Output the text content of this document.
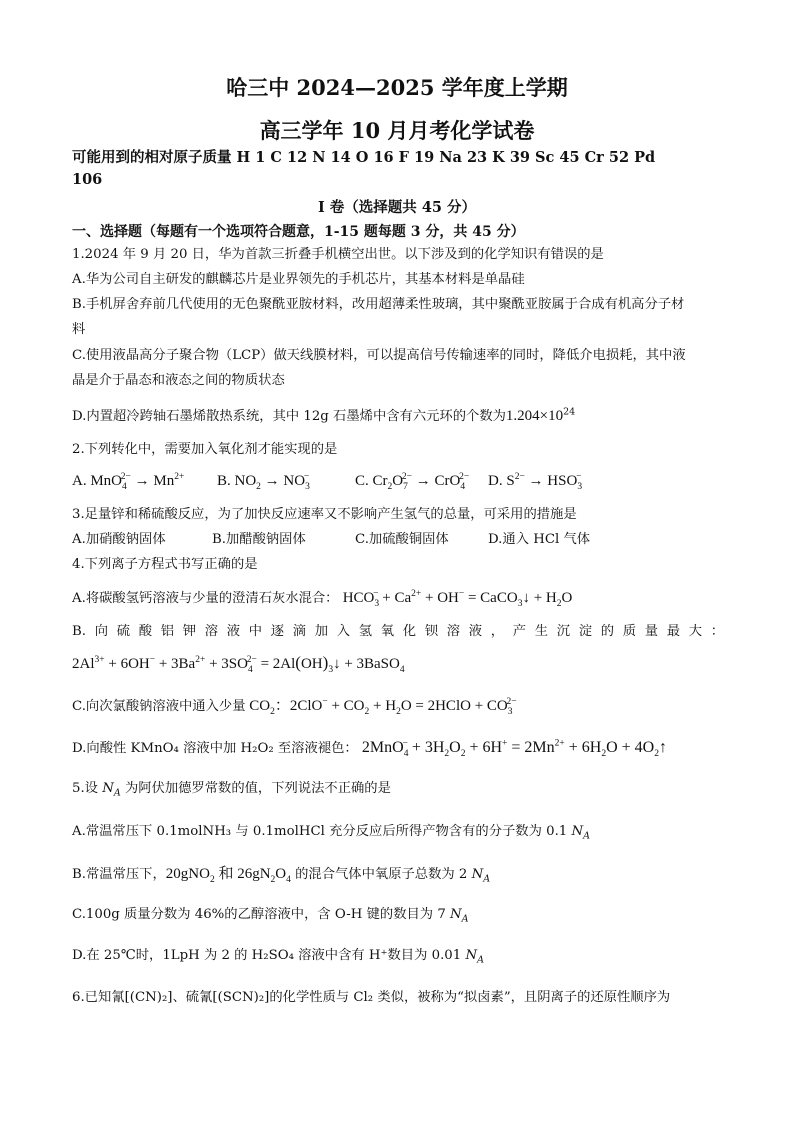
哈三中 2024—2025 学年度上学期
高三学年 10 月月考化学试卷
可能用到的相对原子质量 H 1 C 12 N 14 O 16 F 19 Na 23 K 39 Sc 45 Cr 52 Pd
106
I 卷（选择题共 45 分）
一、选择题（每题有一个选项符合题意，1-15 题每题 3 分，共 45 分）
1.2024 年 9 月 20 日，华为首款三折叠手机横空出世。以下涉及到的化学知识有错误的是
A.华为公司自主研发的麒麟芯片是业界领先的手机芯片，其基本材料是单晶硅
B.手机屏舍弃前几代使用的无色聚酰亚胺材料，改用超薄柔性玻璃，其中聚酰亚胺属于合成有机高分子材
料
C.使用液晶高分子聚合物（LCP）做天线膜材料，可以提高信号传输速率的同时，降低介电损耗，其中液
晶是介于晶态和液态之间的物质状态
D.内置超冷跨轴石墨烯散热系统，其中 12g 石墨烯中含有六元环的个数为$1.204\times 10^{24}$
2.下列转化中，需要加入氧化剂才能实现的是
A. $MnO_4^{2-} \to Mn^{2+}$ B. $NO_2 \to NO_3^-$	C. $Cr_2O_7^{2-} \to CrO_4^{2-}$ D. $S^{2-} \to HSO_3^-$
3.足量锌和稀硫酸反应，为了加快反应速率又不影响产生氢气的总量，可采用的措施是
A.加硝酸钠固体	B.加醋酸钠固体	C.加硫酸铜固体	D.通入 HCl 气体
4.下列离子方程式书写正确的是
A.将碳酸氢钙溶液与少量的澄清石灰水混合： $HCO_3^- + Ca^{2+} + OH^-$ = CaCO$_3$↓ + $H_2O$
B.向硫酸铝钾溶液中逐滴加入氢氧化钡溶液，产生沉淀的质量最大：
$2Al^{3+} + 6OH^- + 3Ba^{2+} + 3SO_4^{2-}$ = $2Al(OH)_3↓$ + 3BaSO$_4$
C.向次氯酸钠溶液中通入少量 $CO_2$：$2ClO^- + CO_2 + H_2O$ = 2HClO + $CO_3^{2-}$
D.向酸性 KMnO₄ 溶液中加 H₂O₂ 至溶液褪色： $2MnO_4^- + 3H_2O_2 + 6H^+ = 2Mn^{2+} + 6H_2O$ + $4O_2↑$
5.设 $N_A$ 为阿伏加德罗常数的值，下列说法不正确的是
A.常温常压下 0.1molNH₃ 与 0.1molHCl 充分反应后所得产物含有的分子数为 0.1 $N_A$
B.常温常压下，20gNO$_2$ 和 $26gN_2O_4$ 的混合气体中氧原子总数为 2 $N_A$
C.100g 质量分数为 46%的乙醇溶液中，含 O-H 键的数目为 7 $N_A$
D.在 25℃时，1LpH 为 2 的 H₂SO₄ 溶液中含有 H⁺数目为 0.01 $N_A$
6.已知氰[(CN)₂]、硫氰[(SCN)₂]的化学性质与 Cl₂ 类似，被称为“拟卤素”，且阴离子的还原性顺序为
